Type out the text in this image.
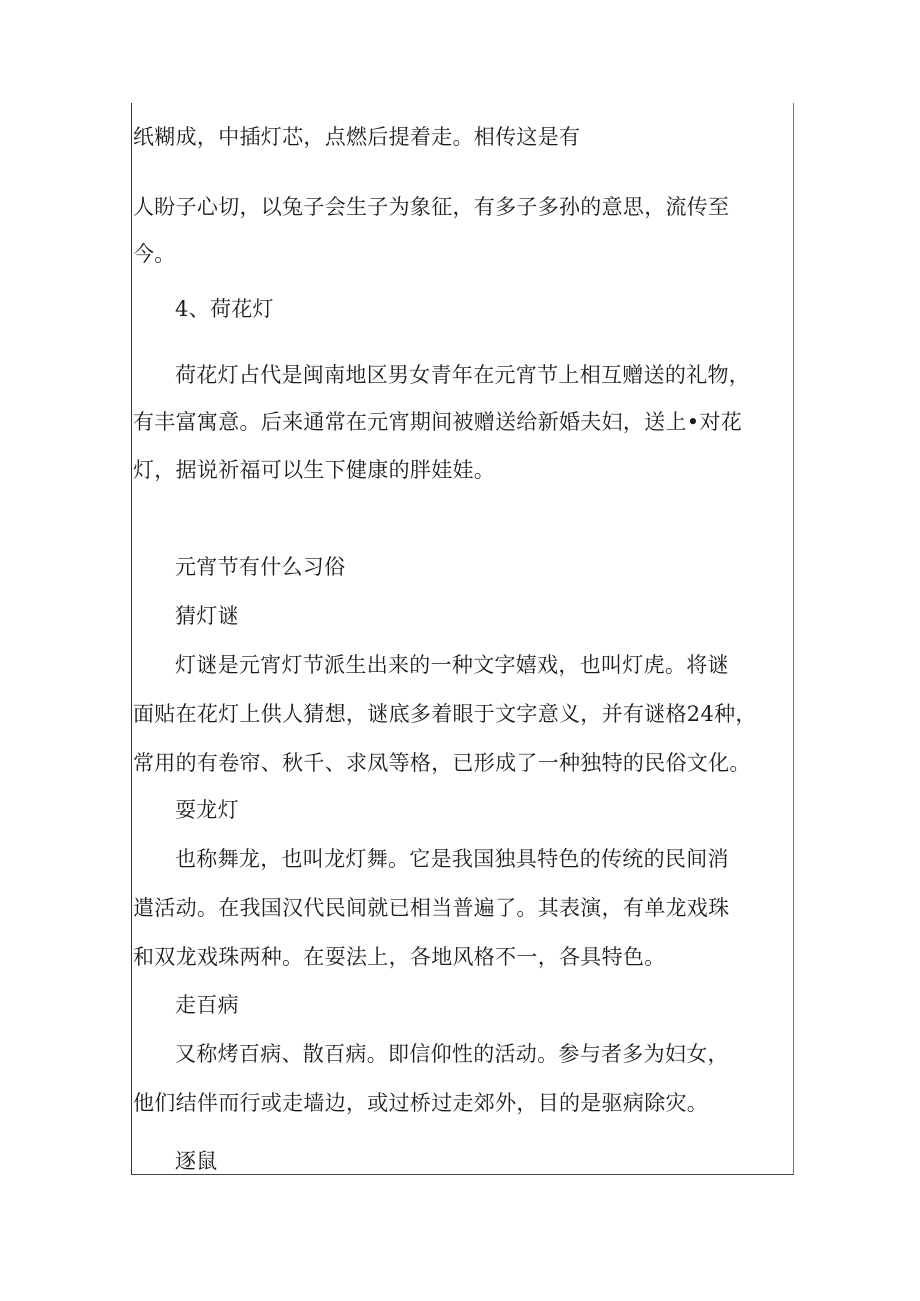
纸糊成，中插灯芯，点燃后提着走。相传这是有
人盼子心切，以兔子会生子为象征，有多子多孙的意思，流传至
今。
4、荷花灯
荷花灯占代是闽南地区男女青年在元宵节上相互赠送的礼物，
有丰富寓意。后来通常在元宵期间被赠送给新婚夫妇，送上•对花
灯，据说祈福可以生下健康的胖娃娃。
元宵节有什么习俗
猜灯谜
灯谜是元宵灯节派生出来的一种文字嬉戏，也叫灯虎。将谜
面贴在花灯上供人猜想，谜底多着眼于文字意义，并有谜格24种，
常用的有卷帘、秋千、求凤等格，已形成了一种独特的民俗文化。
耍龙灯
也称舞龙，也叫龙灯舞。它是我国独具特色的传统的民间消
遣活动。在我国汉代民间就已相当普遍了。其表演，有单龙戏珠
和双龙戏珠两种。在耍法上，各地风格不一，各具特色。
走百病
又称烤百病、散百病。即信仰性的活动。参与者多为妇女，
他们结伴而行或走墙边，或过桥过走郊外，目的是驱病除灾。
逐鼠
